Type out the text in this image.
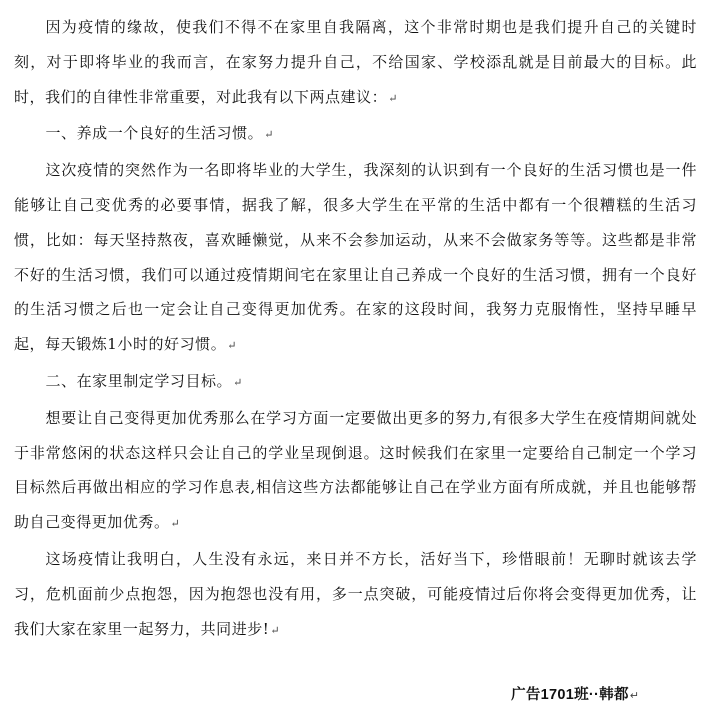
因为疫情的缘故，使我们不得不在家里自我隔离，这个非常时期也是我们提升自己的关键时刻，对于即将毕业的我而言，在家努力提升自己，不给国家、学校添乱就是目前最大的目标。此时，我们的自律性非常重要，对此我有以下两点建议：↵

一、养成一个良好的生活习惯。↵

这次疫情的突然作为一名即将毕业的大学生，我深刻的认识到有一个良好的生活习惯也是一件能够让自己变优秀的必要事情，据我了解，很多大学生在平常的生活中都有一个很糟糕的生活习惯，比如：每天坚持熬夜，喜欢睡懒觉，从来不会参加运动，从来不会做家务等等。这些都是非常不好的生活习惯，我们可以通过疫情期间宅在家里让自己养成一个良好的生活习惯，拥有一个良好的生活习惯之后也一定会让自己变得更加优秀。在家的这段时间，我努力克服惰性，坚持早睡早起，每天锻炼1小时的好习惯。↵

二、在家里制定学习目标。↵

想要让自己变得更加优秀那么在学习方面一定要做出更多的努力,有很多大学生在疫情期间就处于非常悠闲的状态这样只会让自己的学业呈现倒退。这时候我们在家里一定要给自己制定一个学习目标然后再做出相应的学习作息表,相信这些方法都能够让自己在学业方面有所成就，并且也能够帮助自己变得更加优秀。↵

这场疫情让我明白，人生没有永远，来日并不方长，活好当下，珍惜眼前！无聊时就该去学习，危机面前少点抱怨，因为抱怨也没有用，多一点突破，可能疫情过后你将会变得更加优秀，让我们大家在家里一起努力，共同进步!↵

广告1701班··韩都↵
